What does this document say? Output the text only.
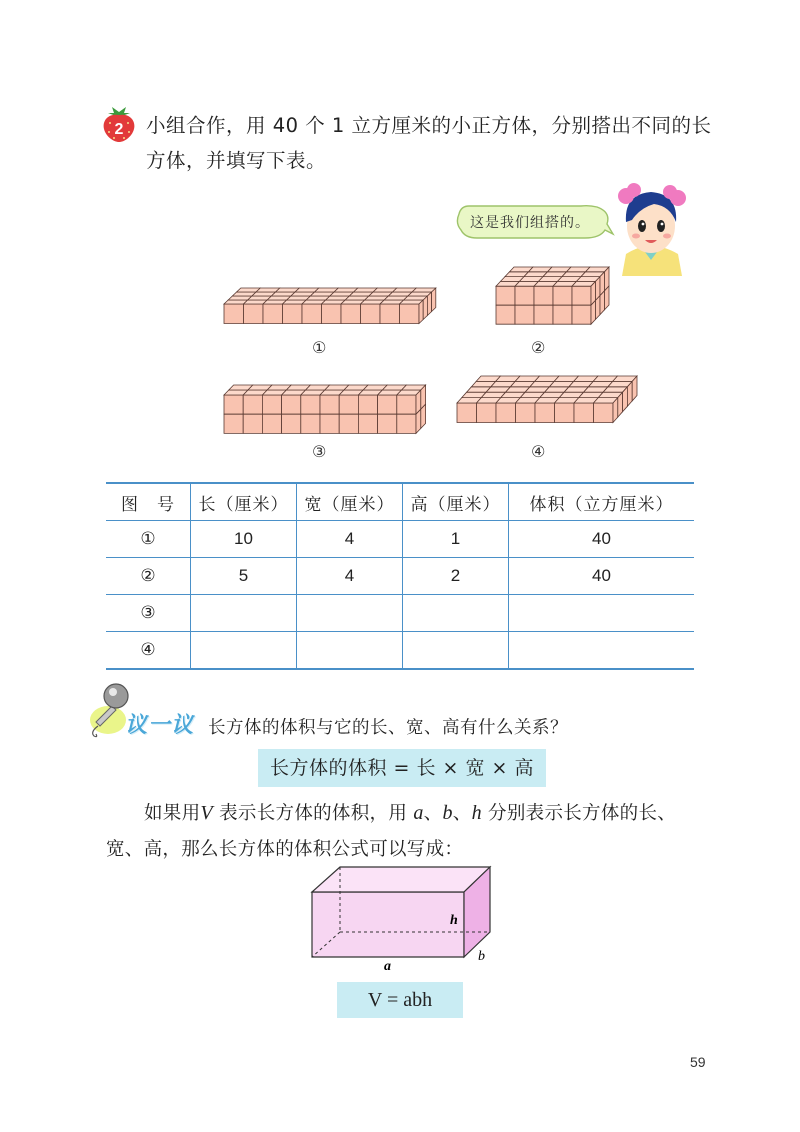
2 小组合作，用 40 个 1 立方厘米的小正方体，分别搭出不同的长方体，并填写下表。
这是我们组搭的。
①	②
③	④
图　号	长（厘米）	宽（厘米）	高（厘米）	体积（立方厘米）
①	10	4	1	40
②	5	4	2	40
③				
④				
议一议 长方体的体积与它的长、宽、高有什么关系？
长方体的体积 = 长 × 宽 × 高
如果用V 表示长方体的体积，用 a、b、h 分别表示长方体的长、宽、高，那么长方体的体积公式可以写成：
a
b
h
V = abh
59
